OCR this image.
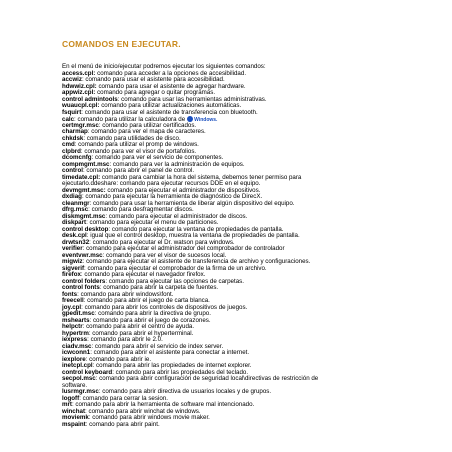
COMANDOS EN EJECUTAR.
En el menú de inicio/ejecutar podremos ejecutar los siguientes comandos:
access.cpl: comando para acceder a la opciones de accesibilidad.
accwiz: comando para usar el asistente para accesibilidad.
hdwwiz.cpl: comando para usar el asistente de agregar hardware.
appwiz.cpl: comando para agregar o quitar programas.
control admintools: comando para usar las herramientas administrativas.
wuaucpl.cpl: comando para utilizar actualizaciones automáticas.
fsquirt: comando para usar el asistente de transferencia con bluetooth.
calc: comando para utilizar la calculadora de Windows.
certmgr.msc: comando para utilizar certificados.
charmap: comando para ver el mapa de caracteres.
chkdsk: comando para utilidades de disco.
cmd: comando para utilizar el promp de windows.
clpbrd: comando para ver el visor de portafolios.
dcomcnfg: comando para ver el servicio de componentes.
compmgmt.msc: comando para ver la administración de equipos.
control: comando para abrir el panel de control.
timedate.cpl: comando para cambiar la hora del sistema, debemos tener permiso para
ejecutarlo.ddeshare: comando para ejecutar recursos DDE en el equipo.
devmgmt.msc: comando para ejecutar el administrador de dispositivos.
dxdiag: comando para ejecutar la herramienta de diagnóstico de DirecX.
cleanmgr: comando para usar la herramienta de liberar algún dispositivo del equipo.
dfrg.msc: comando para desfragmentar discos.
diskmgmt.msc: comando para ejecutar el administrador de discos.
diskpart: comando para ejecutar el menu de particiones.
control desktop: comando para ejecutar la ventana de propiedades de pantalla.
desk.cpl: igual que el control desktop, muestra la ventana de propiedades de pantalla.
drwtsn32: comando para ejecutar el Dr. watson para windows.
verifier: comando para ejecutar el administrador del comprobador de controlador
eventvwr.msc: comando para ver el visor de sucesos local.
migwiz: comando para ejecutar el asistente de transferencia de archivo y configuraciones.
sigverif: comando para ejecutar el comprobador de la firma de un archivo.
firefox: comando para ejecutar el navegador firefox.
control folders: comando para ejecutar las opciones de carpetas.
control fonts: comando para abrir la carpeta de fuentes.
fonts: comando para abrir windows\font.
freecell: comando para abrir el juego de carta blanca.
joy.cpl: comando para abrir los controles de dispositivos de juegos.
gpedit.msc: comando para abrir la directiva de grupo.
mshearts: comando para abrir el juego de corazones.
helpctr: comando para abrir el centro de ayuda.
hypertrm: comando para abrir el hyperterminal.
iexpress: comando para abrir le 2.0.
ciadv.msc: comando para abrir el servicio de index server.
icwconn1: comando para abrir el asistente para conectar a internet.
iexplore: comando para abrir ie.
inetcpl.cpl: comando para abrir las propiedades de internet explorer.
control keyboard: comando para abrir las propiedades del teclado.
secpol.msc: comando para abrir configuración de seguridad local\directivas de restricción de
software.
lusrmgr.msc: comando para abrir directiva de usuarios locales y de grupos.
logoff: comando para cerrar la sesion.
mrt: comando para abrir la herramienta de software mal intencionado.
winchat: comando para abrir winchat de windows.
moviemk: comando para abrir windows movie maker.
mspaint: comando para abrir paint.
